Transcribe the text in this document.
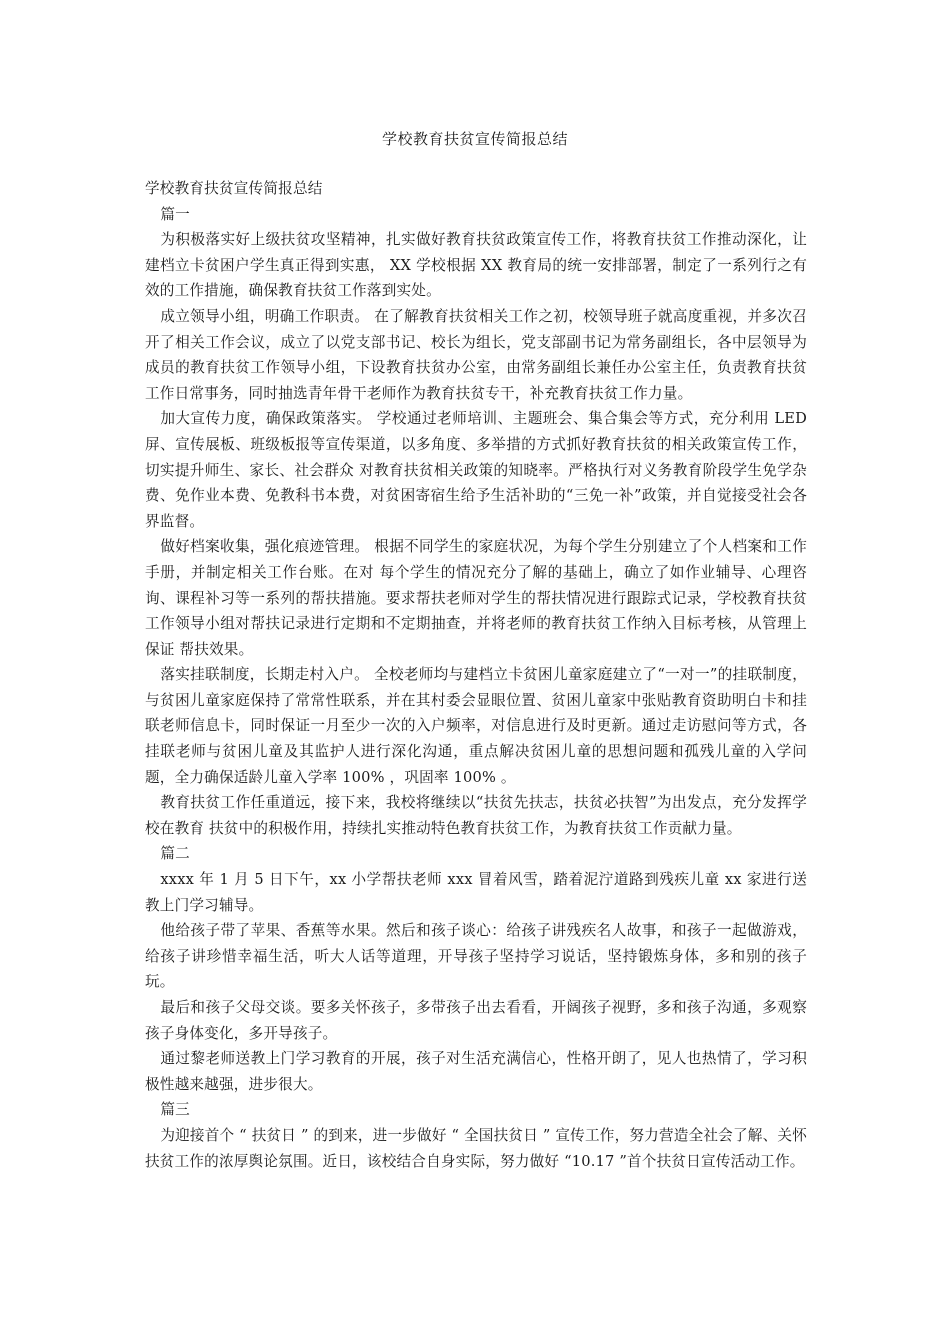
学校教育扶贫宣传简报总结

学校教育扶贫宣传简报总结

篇一

为积极落实好上级扶贫攻坚精神，扎实做好教育扶贫政策宣传工作，将教育扶贫工作推动深化，让建档立卡贫困户学生真正得到实惠， XX 学校根据 XX 教育局的统一安排部署，制定了一系列行之有效的工作措施，确保教育扶贫工作落到实处。

成立领导小组，明确工作职责。 在了解教育扶贫相关工作之初，校领导班子就高度重视，并多次召开了相关工作会议，成立了以党支部书记、校长为组长，党支部副书记为常务副组长，各中层领导为成员的教育扶贫工作领导小组，下设教育扶贫办公室，由常务副组长兼任办公室主任，负责教育扶贫工作日常事务，同时抽选青年骨干老师作为教育扶贫专干，补充教育扶贫工作力量。

加大宣传力度，确保政策落实。 学校通过老师培训、主题班会、集合集会等方式，充分利用 LED 屏、宣传展板、班级板报等宣传渠道，以多角度、多举措的方式抓好教育扶贫的相关政策宣传工作，切实提升师生、家长、社会群众 对教育扶贫相关政策的知晓率。严格执行对义务教育阶段学生免学杂费、免作业本费、免教科书本费，对贫困寄宿生给予生活补助的“三免一补”政策，并自觉接受社会各界监督。

做好档案收集，强化痕迹管理。 根据不同学生的家庭状况，为每个学生分别建立了个人档案和工作手册，并制定相关工作台账。在对 每个学生的情况充分了解的基础上，确立了如作业辅导、心理咨询、课程补习等一系列的帮扶措施。要求帮扶老师对学生的帮扶情况进行跟踪式记录，学校教育扶贫工作领导小组对帮扶记录进行定期和不定期抽查，并将老师的教育扶贫工作纳入目标考核，从管理上保证 帮扶效果。

落实挂联制度，长期走村入户。 全校老师均与建档立卡贫困儿童家庭建立了“一对一”的挂联制度，与贫困儿童家庭保持了常常性联系，并在其村委会显眼位置、贫困儿童家中张贴教育资助明白卡和挂联老师信息卡，同时保证一月至少一次的入户频率，对信息进行及时更新。通过走访慰问等方式，各挂联老师与贫困儿童及其监护人进行深化沟通，重点解决贫困儿童的思想问题和孤残儿童的入学问题，全力确保适龄儿童入学率 100% ，巩固率 100% 。

教育扶贫工作任重道远，接下来，我校将继续以“扶贫先扶志，扶贫必扶智”为出发点，充分发挥学校在教育 扶贫中的积极作用，持续扎实推动特色教育扶贫工作，为教育扶贫工作贡献力量。

篇二

xxxx 年 1 月 5 日下午，xx 小学帮扶老师 xxx 冒着风雪，踏着泥泞道路到残疾儿童 xx 家进行送教上门学习辅导。

他给孩子带了苹果、香蕉等水果。然后和孩子谈心：给孩子讲残疾名人故事，和孩子一起做游戏，给孩子讲珍惜幸福生活，听大人话等道理，开导孩子坚持学习说话，坚持锻炼身体，多和别的孩子玩。

最后和孩子父母交谈。要多关怀孩子，多带孩子出去看看，开阔孩子视野，多和孩子沟通，多观察孩子身体变化，多开导孩子。

通过黎老师送教上门学习教育的开展，孩子对生活充满信心，性格开朗了，见人也热情了，学习积极性越来越强，进步很大。

篇三

为迎接首个 “ 扶贫日 ” 的到来，进一步做好 “ 全国扶贫日 ” 宣传工作，努力营造全社会了解、关怀扶贫工作的浓厚舆论氛围。近日，该校结合自身实际，努力做好 “10.17 ”首个扶贫日宣传活动工作。
